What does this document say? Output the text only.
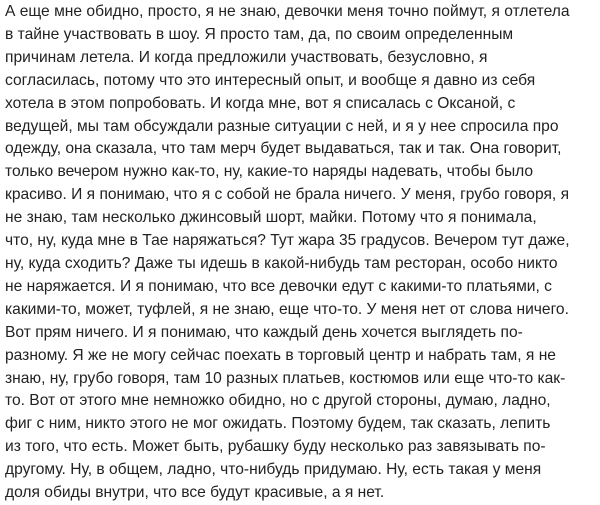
А еще мне обидно, просто, я не знаю, девочки меня точно поймут, я отлетела
в тайне участвовать в шоу. Я просто там, да, по своим определенным
причинам летела. И когда предложили участвовать, безусловно, я
согласилась, потому что это интересный опыт, и вообще я давно из себя
хотела в этом попробовать. И когда мне, вот я списалась с Оксаной, с
ведущей, мы там обсуждали разные ситуации с ней, и я у нее спросила про
одежду, она сказала, что там мерч будет выдаваться, так и так. Она говорит,
только вечером нужно как-то, ну, какие-то наряды надевать, чтобы было
красиво. И я понимаю, что я с собой не брала ничего. У меня, грубо говоря, я
не знаю, там несколько джинсовый шорт, майки. Потому что я понимала,
что, ну, куда мне в Тае наряжаться? Тут жара 35 градусов. Вечером тут даже,
ну, куда сходить? Даже ты идешь в какой-нибудь там ресторан, особо никто
не наряжается. И я понимаю, что все девочки едут с какими-то платьями, с
какими-то, может, туфлей, я не знаю, еще что-то. У меня нет от слова ничего.
Вот прям ничего. И я понимаю, что каждый день хочется выглядеть по-
разному. Я же не могу сейчас поехать в торговый центр и набрать там, я не
знаю, ну, грубо говоря, там 10 разных платьев, костюмов или еще что-то как-
то. Вот от этого мне немножко обидно, но с другой стороны, думаю, ладно,
фиг с ним, никто этого не мог ожидать. Поэтому будем, так сказать, лепить
из того, что есть. Может быть, рубашку буду несколько раз завязывать по-
другому. Ну, в общем, ладно, что-нибудь придумаю. Ну, есть такая у меня
доля обиды внутри, что все будут красивые, а я нет.
